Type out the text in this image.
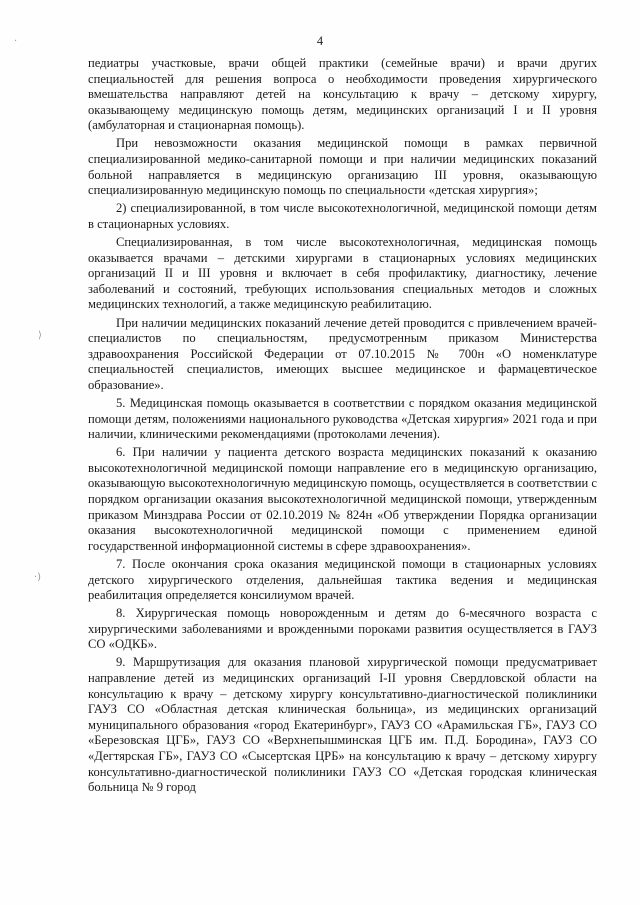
4
·
⟩
·)

педиатры участковые, врачи общей практики (семейные врачи) и врачи других специальностей для решения вопроса о необходимости проведения хирургического вмешательства направляют детей на консультацию к врачу – детскому хирургу, оказывающему медицинскую помощь детям, медицинских организаций I и II уровня (амбулаторная и стационарная помощь).

При невозможности оказания медицинской помощи в рамках первичной специализированной медико-санитарной помощи и при наличии медицинских показаний больной направляется в медицинскую организацию III уровня, оказывающую специализированную медицинскую помощь по специальности «детская хирургия»;

2) специализированной, в том числе высокотехнологичной, медицинской помощи детям в стационарных условиях.

Специализированная, в том числе высокотехнологичная, медицинская помощь оказывается врачами – детскими хирургами в стационарных условиях медицинских организаций II и III уровня и включает в себя профилактику, диагностику, лечение заболеваний и состояний, требующих использования специальных методов и сложных медицинских технологий, а также медицинскую реабилитацию.

При наличии медицинских показаний лечение детей проводится с привлечением врачей-специалистов по специальностям, предусмотренным приказом Министерства здравоохранения Российской Федерации от 07.10.2015 № 700н «О номенклатуре специальностей специалистов, имеющих высшее медицинское и фармацевтическое образование».

5. Медицинская помощь оказывается в соответствии с порядком оказания медицинской помощи детям, положениями национального руководства «Детская хирургия» 2021 года и при наличии, клиническими рекомендациями (протоколами лечения).

6. При наличии у пациента детского возраста медицинских показаний к оказанию высокотехнологичной медицинской помощи направление его в медицинскую организацию, оказывающую высокотехнологичную медицинскую помощь, осуществляется в соответствии с порядком организации оказания высокотехнологичной медицинской помощи, утвержденным приказом Минздрава России от 02.10.2019 № 824н «Об утверждении Порядка организации оказания высокотехнологичной медицинской помощи с применением единой государственной информационной системы в сфере здравоохранения».

7. После окончания срока оказания медицинской помощи в стационарных условиях детского хирургического отделения, дальнейшая тактика ведения и медицинская реабилитация определяется консилиумом врачей.

8. Хирургическая помощь новорожденным и детям до 6-месячного возраста с хирургическими заболеваниями и врожденными пороками развития осуществляется в ГАУЗ СО «ОДКБ».

9. Маршрутизация для оказания плановой хирургической помощи предусматривает направление детей из медицинских организаций I-II уровня Свердловской области на консультацию к врачу – детскому хирургу консультативно-диагностической поликлиники ГАУЗ СО «Областная детская клиническая больница», из медицинских организаций муниципального образования «город Екатеринбург», ГАУЗ СО «Арамильская ГБ», ГАУЗ СО «Березовская ЦГБ», ГАУЗ СО «Верхнепышминская ЦГБ им. П.Д. Бородина», ГАУЗ СО «Дегтярская ГБ», ГАУЗ СО «Сысертская ЦРБ» на консультацию к врачу – детскому хирургу консультативно-диагностической поликлиники ГАУЗ СО «Детская городская клиническая больница № 9 город
